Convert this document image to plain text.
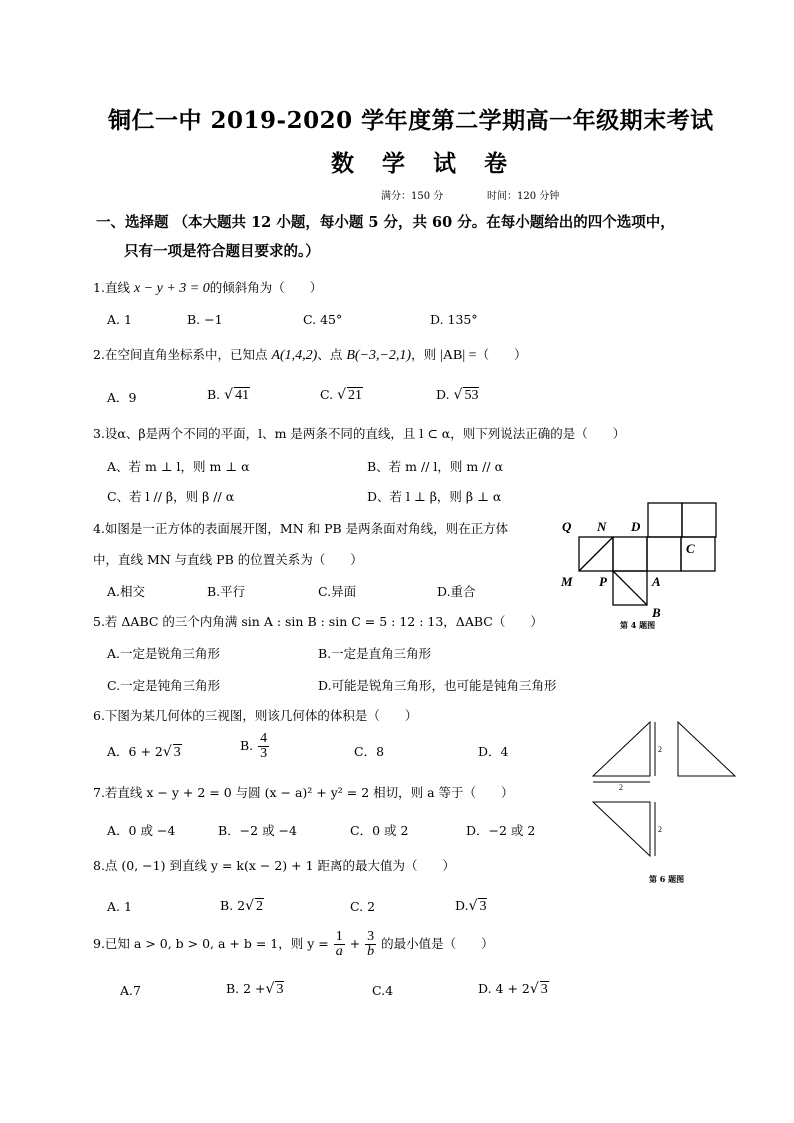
铜仁一中 2019-2020 学年度第二学期高一年级期末考试
数 学 试 卷
满分：150 分	时间：120 分钟
一、选择题 （本大题共 12 小题，每小题 5 分，共 60 分。在每小题给出的四个选项中，
只有一项是符合题目要求的。）
1.直线 x − y + 3 = 0的倾斜角为（　　）
A. 1	B. −1	C. 45°	D. 135°
2.在空间直角坐标系中，已知点 A(1,4,2)、点 B(−3,−2,1)，则 |AB| =（　　）
A．9	B. √ 41	C. √ 21	D. √ 53
3.设α、β是两个不同的平面，l、m 是两条不同的直线，且 l ⊂ α，则下列说法正确的是（　　）
A、若 m ⊥ l，则 m ⊥ α	B、若 m // l，则 m // α
C、若 l // β，则 β // α	D、若 l ⊥ β，则 β ⊥ α
4.如图是一正方体的表面展开图，MN 和 PB 是两条面对角线，则在正方体
中，直线 MN 与直线 PB 的位置关系为（　　）
A.相交	B.平行	C.异面	D.重合
Q N D
C
M P	A
B
第 4 题图
5.若 ΔABC 的三个内角满 sin A : sin B : sin C = 5 : 12 : 13，ΔABC（　　）
A.一定是锐角三角形	B.一定是直角三角形
C.一定是钝角三角形	D.可能是锐角三角形，也可能是钝角三角形
6.下图为某几何体的三视图，则该几何体的体积是（　　）
A．6 + 2√ 3	B. $\frac{4}{3}$	C．8	D．4	2
2
2
第 6 题图
7.若直线 x − y + 2 = 0 与圆 (x − a)² + y² = 2 相切，则 a 等于（　　）
A．0 或 −4	B．−2 或 −4	C．0 或 2	D．−2 或 2
8.点 (0, −1) 到直线 y = k(x − 2) + 1 距离的最大值为（　　）
A. 1	B. 2√ 2	C. 2	D.√ 3
9.已知 a > 0, b > 0, a + b = 1，则 $y = \frac{1}{a} + \frac{3}{b}$ 的最小值是（　　）
A.7	B. 2 +√ 3	C.4	D. 4 + 2√ 3
